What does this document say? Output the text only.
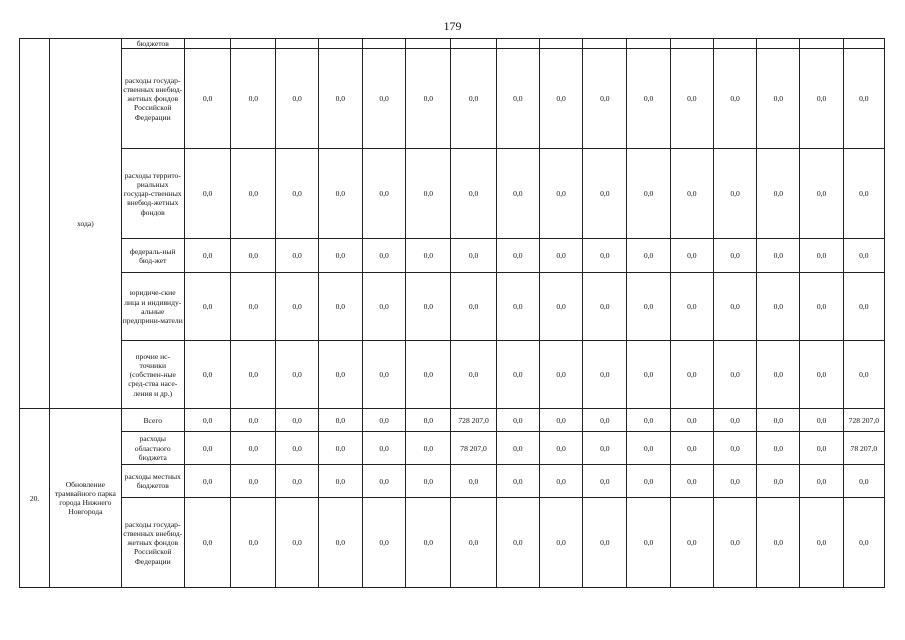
179
	хода)	бюджетов																
		расходы государ-ственных внебюд-жетных фондов Российской Федерации	0,0	0,0	0,0	0,0	0,0	0,0	0,0	0,0	0,0	0,0	0,0	0,0	0,0	0,0	0,0	0,0
		расходы террито-риальных государ-ственных внебюд-жетных фондов	0,0	0,0	0,0	0,0	0,0	0,0	0,0	0,0	0,0	0,0	0,0	0,0	0,0	0,0	0,0	0,0
		федераль-ный бюд-жет	0,0	0,0	0,0	0,0	0,0	0,0	0,0	0,0	0,0	0,0	0,0	0,0	0,0	0,0	0,0	0,0
		юридиче-ские лица и индивиду-альные предприни-матели	0,0	0,0	0,0	0,0	0,0	0,0	0,0	0,0	0,0	0,0	0,0	0,0	0,0	0,0	0,0	0,0
		прочие ис-точники (собствен-ные сред-ства насе-ления и др.)	0,0	0,0	0,0	0,0	0,0	0,0	0,0	0,0	0,0	0,0	0,0	0,0	0,0	0,0	0,0	0,0
20.	Обновление трамвайного парка города Нижнего Новгорода	Всего	0,0	0,0	0,0	0,0	0,0	0,0	728 207,0	0,0	0,0	0,0	0,0	0,0	0,0	0,0	0,0	728 207,0
		расходы областного бюджета	0,0	0,0	0,0	0,0	0,0	0,0	78 207,0	0,0	0,0	0,0	0,0	0,0	0,0	0,0	0,0	78 207,0
		расходы местных бюджетов	0,0	0,0	0,0	0,0	0,0	0,0	0,0	0,0	0,0	0,0	0,0	0,0	0,0	0,0	0,0	0,0
		расходы государ-ственных внебюд-жетных фондов Российской Федерации	0,0	0,0	0,0	0,0	0,0	0,0	0,0	0,0	0,0	0,0	0,0	0,0	0,0	0,0	0,0	0,0
